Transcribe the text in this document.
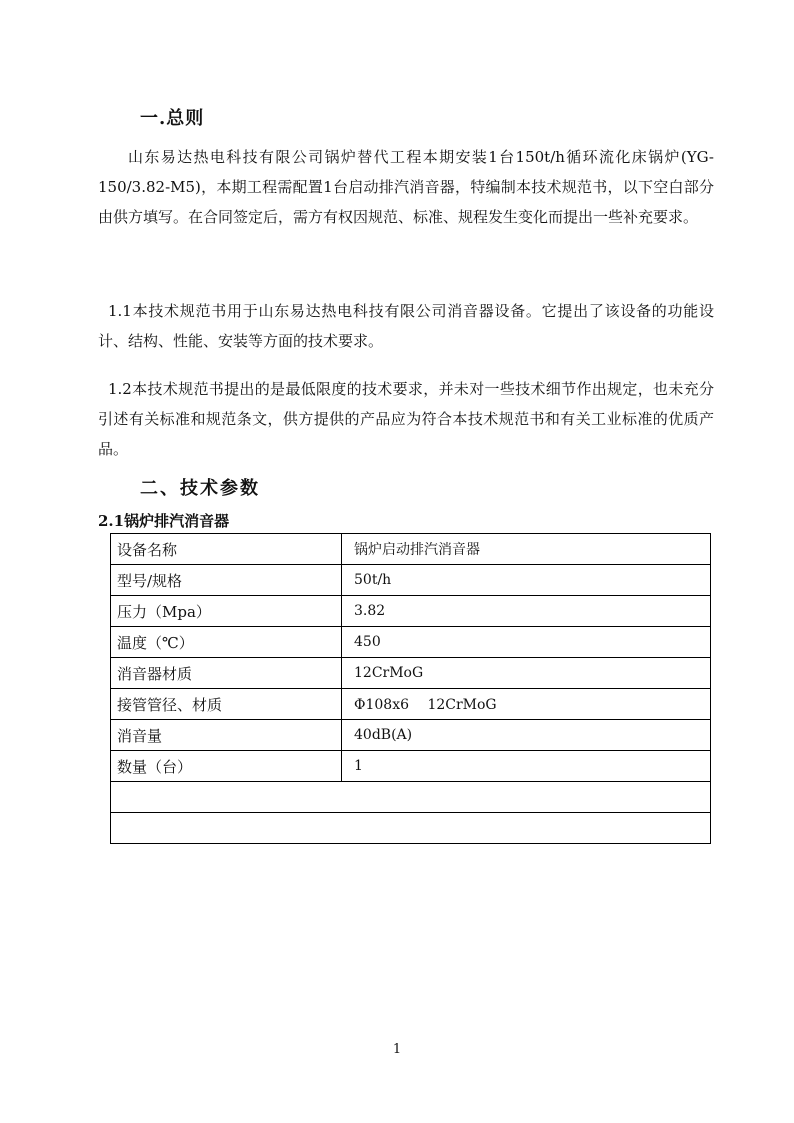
一.总则
山东易达热电科技有限公司锅炉替代工程本期安装1台150t/h循环流化床锅炉(YG-150/3.82-M5)，本期工程需配置1台启动排汽消音器，特编制本技术规范书，以下空白部分由供方填写。在合同签定后，需方有权因规范、标准、规程发生变化而提出一些补充要求。
1.1本技术规范书用于山东易达热电科技有限公司消音器设备。它提出了该设备的功能设计、结构、性能、安装等方面的技术要求。
1.2本技术规范书提出的是最低限度的技术要求，并未对一些技术细节作出规定，也未充分引述有关标准和规范条文，供方提供的产品应为符合本技术规范书和有关工业标准的优质产品。
二、技术参数
2.1锅炉排汽消音器
设备名称	锅炉启动排汽消音器
型号/规格	50t/h
压力（Mpa）	3.82
温度（℃）	450
消音器材质	12CrMoG
接管管径、材质	Φ108x6　 12CrMoG
消音量	40dB(A)
数量（台）	1

1
